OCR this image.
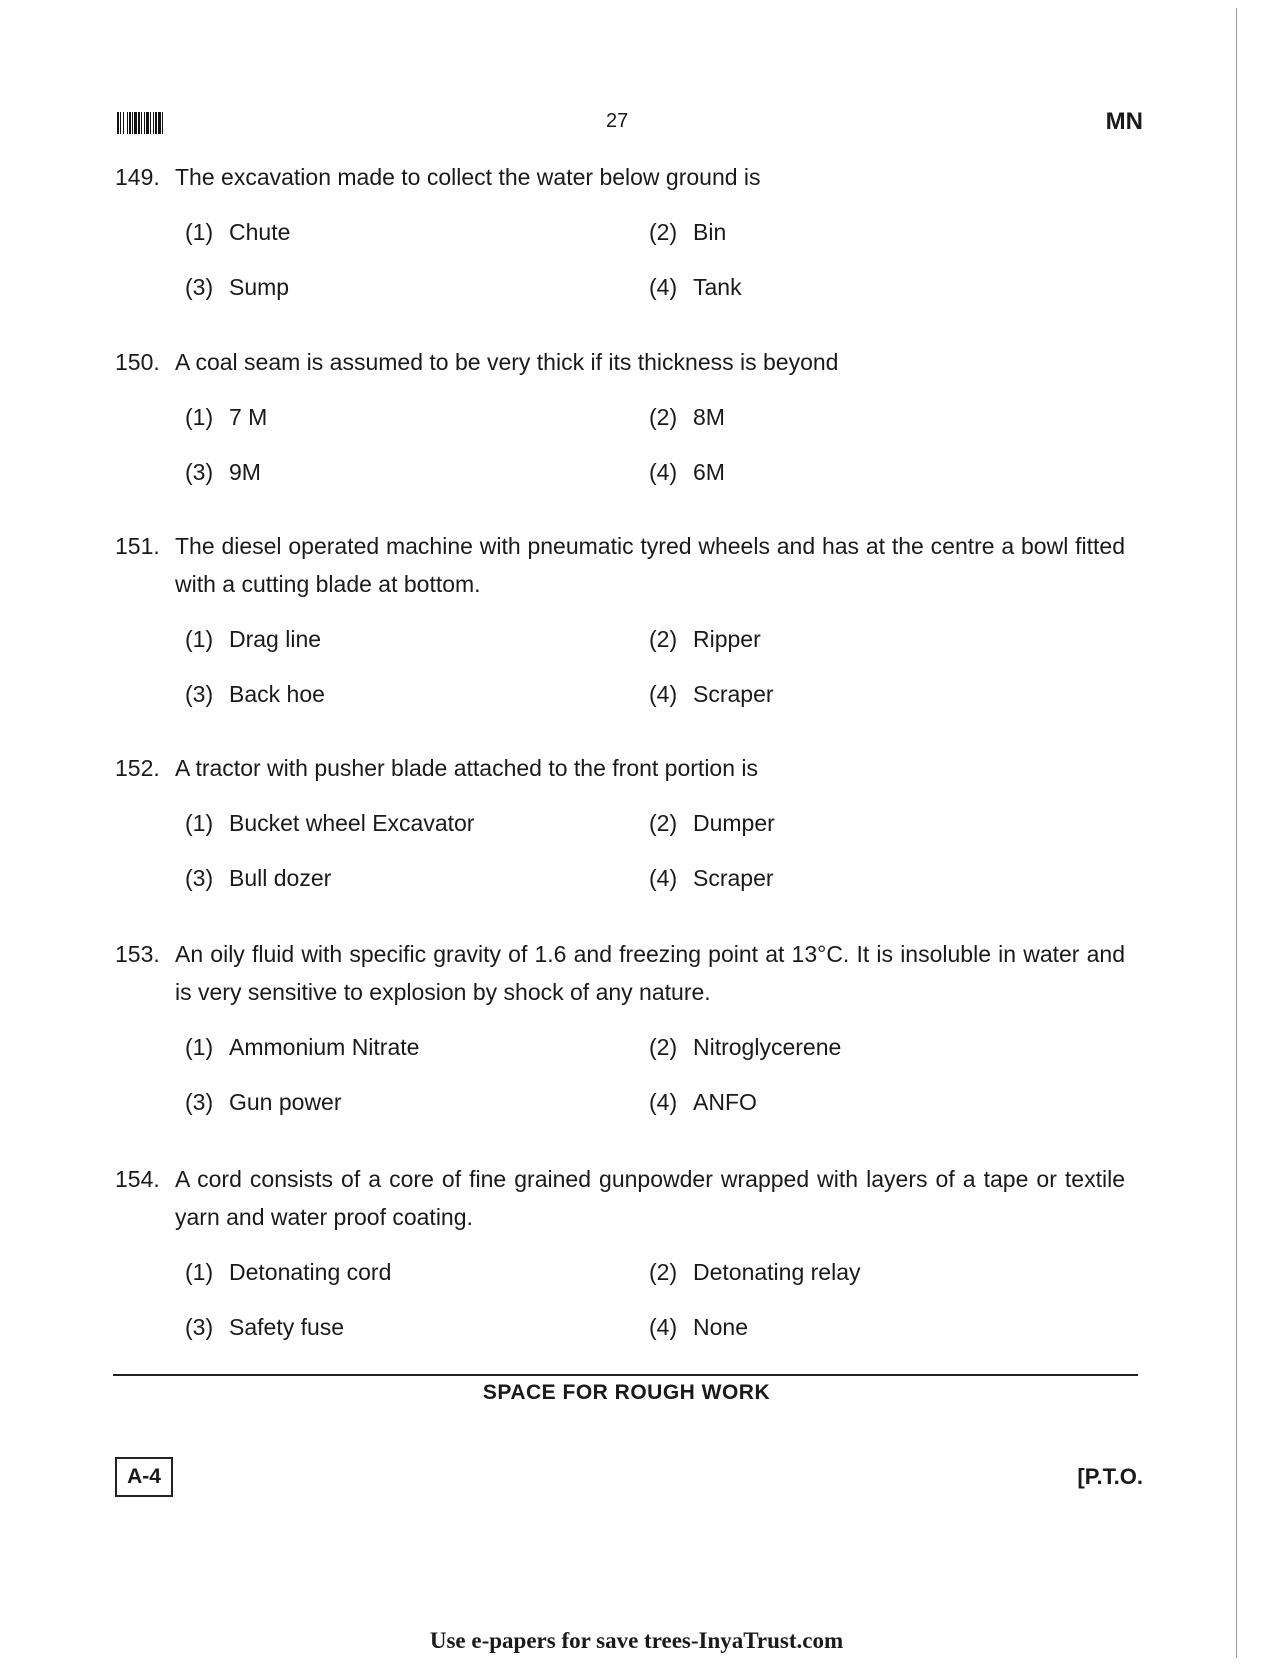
27	MN
149. The excavation made to collect the water below ground is
(1) Chute	(2) Bin
(3) Sump	(4) Tank
150. A coal seam is assumed to be very thick if its thickness is beyond
(1) 7 M	(2) 8M
(3) 9M	(4) 6M
151. The diesel operated machine with pneumatic tyred wheels and has at the centre a bowl fitted with a cutting blade at bottom.
(1) Drag line	(2) Ripper
(3) Back hoe	(4) Scraper
152. A tractor with pusher blade attached to the front portion is
(1) Bucket wheel Excavator	(2) Dumper
(3) Bull dozer	(4) Scraper
153. An oily fluid with specific gravity of 1.6 and freezing point at 13°C. It is insoluble in water and is very sensitive to explosion by shock of any nature.
(1) Ammonium Nitrate	(2) Nitroglycerene
(3) Gun power	(4) ANFO
154. A cord consists of a core of fine grained gunpowder wrapped with layers of a tape or textile yarn and water proof coating.
(1) Detonating cord	(2) Detonating relay
(3) Safety fuse	(4) None
SPACE FOR ROUGH WORK
A-4	[P.T.O.
Use e-papers for save trees-InyaTrust.com
